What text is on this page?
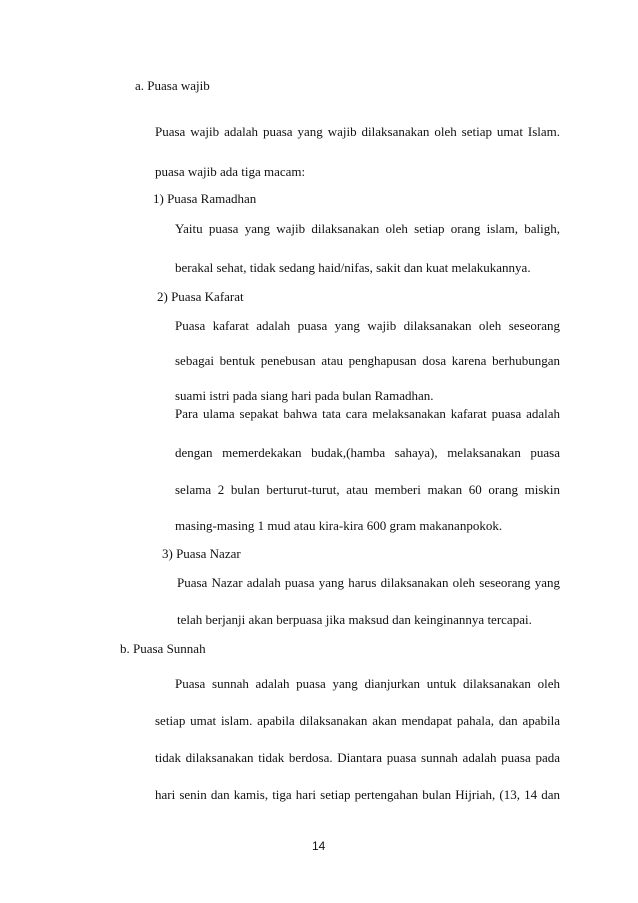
a. Puasa wajib
Puasa wajib adalah puasa yang wajib dilaksanakan oleh setiap umat Islam.
puasa wajib ada tiga macam:
1) Puasa Ramadhan
Yaitu puasa yang wajib dilaksanakan oleh setiap orang islam, baligh,
berakal sehat, tidak sedang haid/nifas, sakit dan kuat melakukannya.
2) Puasa Kafarat
Puasa kafarat adalah puasa yang wajib dilaksanakan oleh seseorang
sebagai bentuk penebusan atau penghapusan dosa karena berhubungan
suami istri pada siang hari pada bulan Ramadhan.
Para ulama sepakat bahwa tata cara melaksanakan kafarat puasa adalah
dengan memerdekakan budak,(hamba sahaya), melaksanakan puasa
selama 2 bulan berturut-turut, atau memberi makan 60 orang miskin
masing-masing 1 mud atau kira-kira 600 gram makananpokok.
3) Puasa Nazar
Puasa Nazar adalah puasa yang harus dilaksanakan oleh seseorang yang
telah berjanji akan berpuasa jika maksud dan keinginannya tercapai.
b. Puasa Sunnah
Puasa sunnah adalah puasa yang dianjurkan untuk dilaksanakan oleh
setiap umat islam. apabila dilaksanakan akan mendapat pahala, dan apabila
tidak dilaksanakan tidak berdosa. Diantara puasa sunnah adalah puasa pada
hari senin dan kamis, tiga hari setiap pertengahan bulan Hijriah, (13, 14 dan
14
